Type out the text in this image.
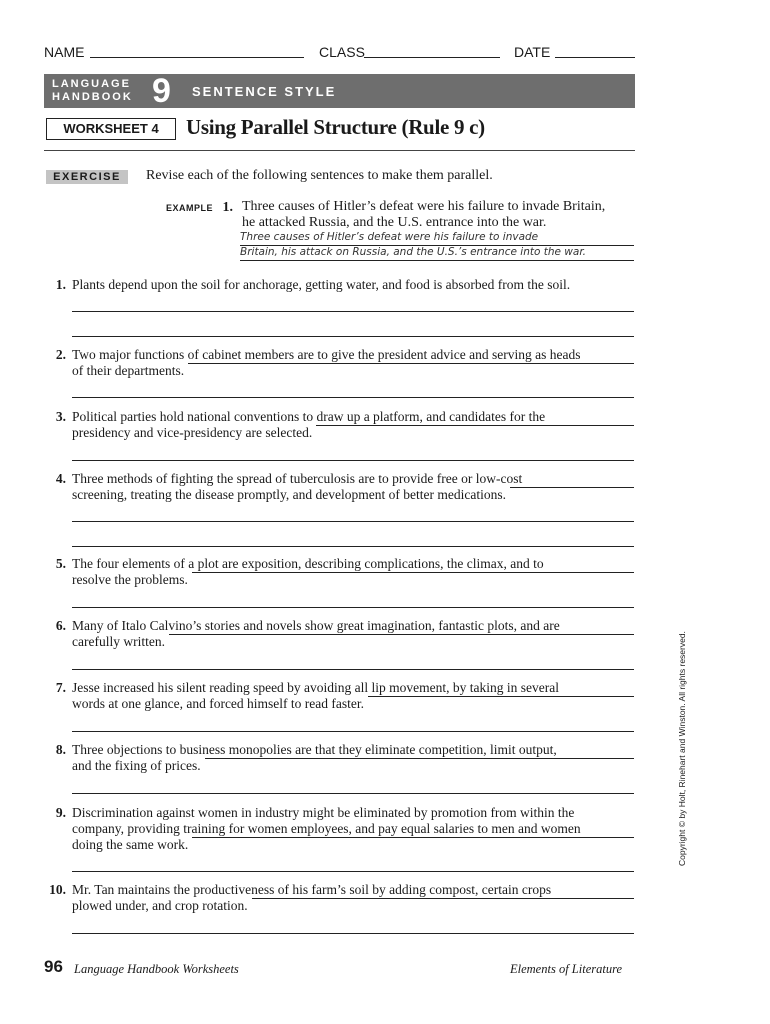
NAME	CLASS	DATE
LANGUAGE
HANDBOOK 9 SENTENCE STYLE
WORKSHEET 4	Using Parallel Structure (Rule 9 c)
EXERCISE	Revise each of the following sentences to make them parallel.
EXAMPLE 1. Three causes of Hitler’s defeat were his failure to invade Britain,
he attacked Russia, and the U.S. entrance into the war.
Three causes of Hitler’s defeat were his failure to invade
Britain, his attack on Russia, and the U.S.’s entrance into the war.
1. Plants depend upon the soil for anchorage, getting water, and food is absorbed from the soil.
2. Two major functions of cabinet members are to give the president advice and serving as heads
of their departments.
3. Political parties hold national conventions to draw up a platform, and candidates for the
presidency and vice-presidency are selected.
4. Three methods of fighting the spread of tuberculosis are to provide free or low-cost
screening, treating the disease promptly, and development of better medications.
5. The four elements of a plot are exposition, describing complications, the climax, and to
resolve the problems.
6. Many of Italo Calvino’s stories and novels show great imagination, fantastic plots, and are
carefully written.
7. Jesse increased his silent reading speed by avoiding all lip movement, by taking in several
words at one glance, and forced himself to read faster.
8. Three objections to business monopolies are that they eliminate competition, limit output,
and the fixing of prices.
9. Discrimination against women in industry might be eliminated by promotion from within the
company, providing training for women employees, and pay equal salaries to men and women
doing the same work.
10. Mr. Tan maintains the productiveness of his farm’s soil by adding compost, certain crops
plowed under, and crop rotation.
Copyright © by Holt, Rinehart and Winston. All rights reserved.
96 Language Handbook Worksheets	Elements of Literature
